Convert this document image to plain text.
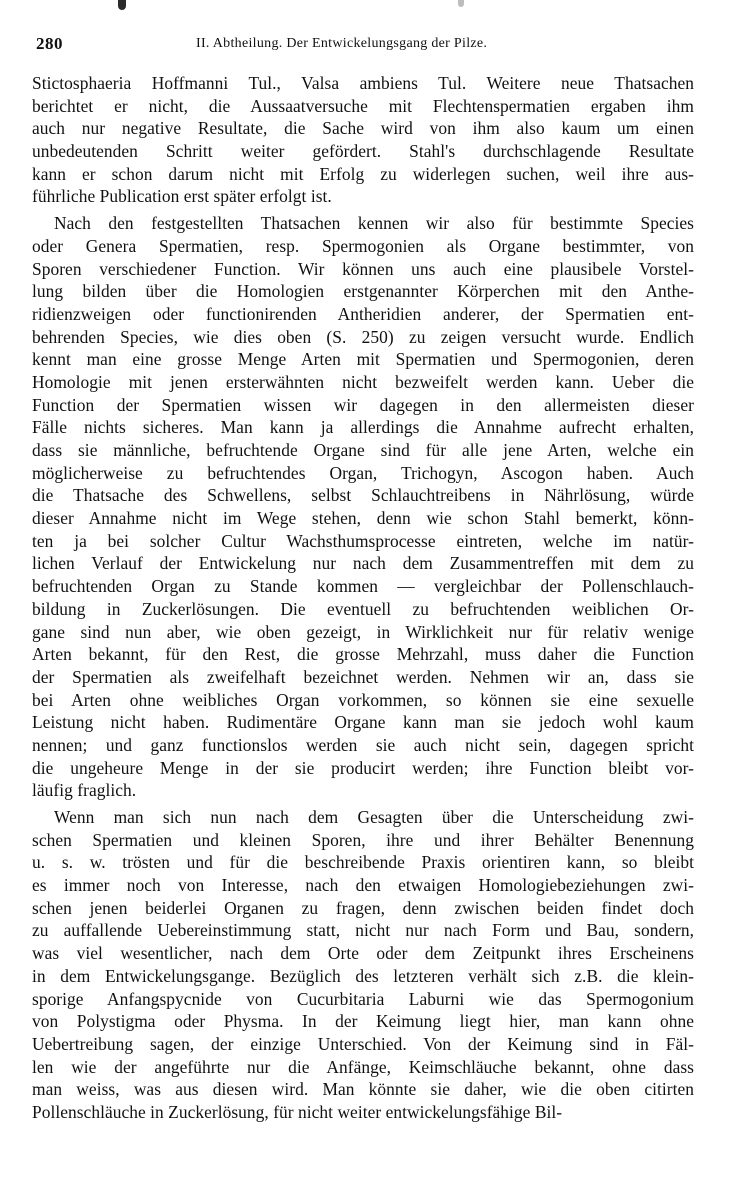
280	II. Abtheilung. Der Entwickelungsgang der Pilze.
Stictosphaeria Hoffmanni Tul., Valsa ambiens Tul. Weitere neue Thatsachen
berichtet er nicht, die Aussaatversuche mit Flechtenspermatien ergaben ihm
auch nur negative Resultate, die Sache wird von ihm also kaum um einen
unbedeutenden Schritt weiter gefördert. Stahl's durchschlagende Resultate
kann er schon darum nicht mit Erfolg zu widerlegen suchen, weil ihre aus-
führliche Publication erst später erfolgt ist.
Nach den festgestellten Thatsachen kennen wir also für bestimmte Species
oder Genera Spermatien, resp. Spermogonien als Organe bestimmter, von
Sporen verschiedener Function. Wir können uns auch eine plausibele Vorstel-
lung bilden über die Homologien erstgenannter Körperchen mit den Anthe-
ridienzweigen oder functionirenden Antheridien anderer, der Spermatien ent-
behrenden Species, wie dies oben (S. 250) zu zeigen versucht wurde. Endlich
kennt man eine grosse Menge Arten mit Spermatien und Spermogonien, deren
Homologie mit jenen ersterwähnten nicht bezweifelt werden kann. Ueber die
Function der Spermatien wissen wir dagegen in den allermeisten dieser
Fälle nichts sicheres. Man kann ja allerdings die Annahme aufrecht erhalten,
dass sie männliche, befruchtende Organe sind für alle jene Arten, welche ein
möglicherweise zu befruchtendes Organ, Trichogyn, Ascogon haben. Auch
die Thatsache des Schwellens, selbst Schlauchtreibens in Nährlösung, würde
dieser Annahme nicht im Wege stehen, denn wie schon Stahl bemerkt, könn-
ten ja bei solcher Cultur Wachsthumsprocesse eintreten, welche im natür-
lichen Verlauf der Entwickelung nur nach dem Zusammentreffen mit dem zu
befruchtenden Organ zu Stande kommen — vergleichbar der Pollenschlauch-
bildung in Zuckerlösungen. Die eventuell zu befruchtenden weiblichen Or-
gane sind nun aber, wie oben gezeigt, in Wirklichkeit nur für relativ wenige
Arten bekannt, für den Rest, die grosse Mehrzahl, muss daher die Function
der Spermatien als zweifelhaft bezeichnet werden. Nehmen wir an, dass sie
bei Arten ohne weibliches Organ vorkommen, so können sie eine sexuelle
Leistung nicht haben. Rudimentäre Organe kann man sie jedoch wohl kaum
nennen; und ganz functionslos werden sie auch nicht sein, dagegen spricht
die ungeheure Menge in der sie producirt werden; ihre Function bleibt vor-
läufig fraglich.
Wenn man sich nun nach dem Gesagten über die Unterscheidung zwi-
schen Spermatien und kleinen Sporen, ihre und ihrer Behälter Benennung
u. s. w. trösten und für die beschreibende Praxis orientiren kann, so bleibt
es immer noch von Interesse, nach den etwaigen Homologiebeziehungen zwi-
schen jenen beiderlei Organen zu fragen, denn zwischen beiden findet doch
zu auffallende Uebereinstimmung statt, nicht nur nach Form und Bau, sondern,
was viel wesentlicher, nach dem Orte oder dem Zeitpunkt ihres Erscheinens
in dem Entwickelungsgange. Bezüglich des letzteren verhält sich z.B. die klein-
sporige Anfangspycnide von Cucurbitaria Laburni wie das Spermogonium
von Polystigma oder Physma. In der Keimung liegt hier, man kann ohne
Uebertreibung sagen, der einzige Unterschied. Von der Keimung sind in Fäl-
len wie der angeführte nur die Anfänge, Keimschläuche bekannt, ohne dass
man weiss, was aus diesen wird. Man könnte sie daher, wie die oben citirten
Pollenschläuche in Zuckerlösung, für nicht weiter entwickelungsfähige Bil-
